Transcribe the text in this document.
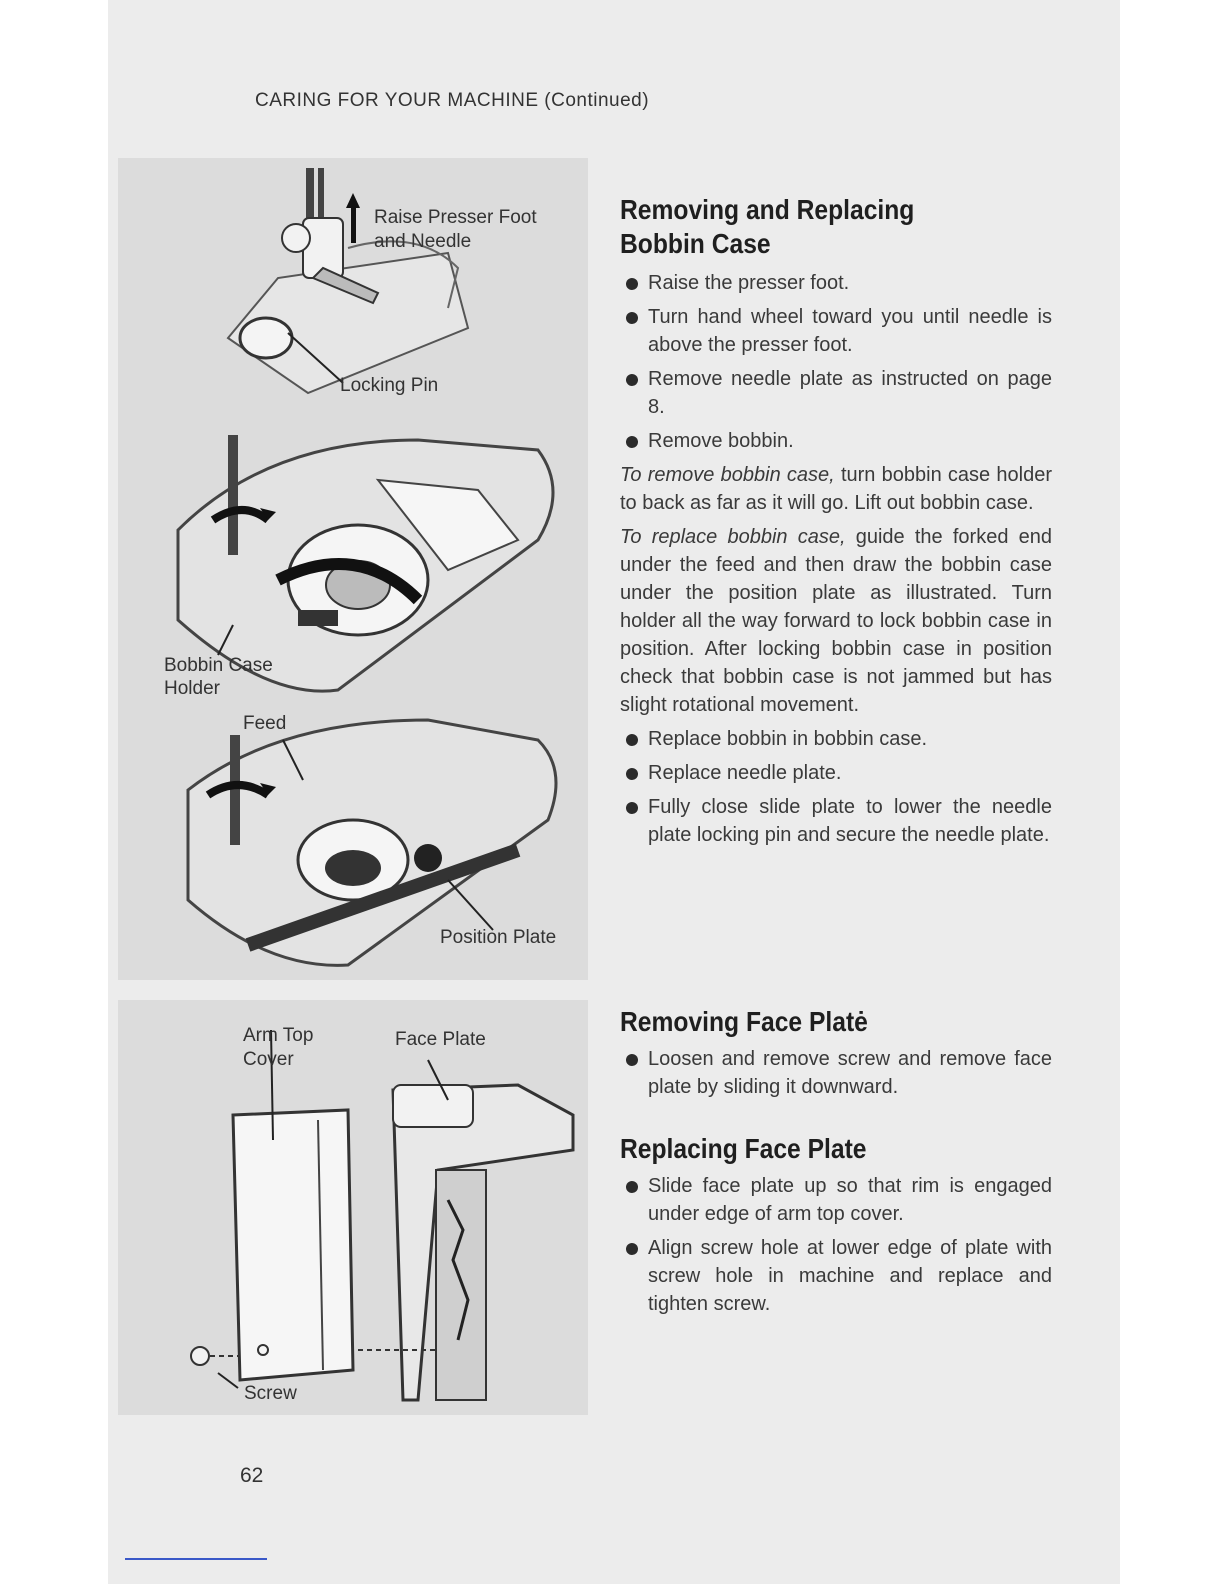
CARING FOR YOUR MACHINE (Continued)
Raise Presser Foot
and Needle
Locking Pin
Bobbin Case
Holder
Feed
Position Plate
Arm Top
Cover
Face Plate
Screw
Removing and Replacing
Bobbin Case
Raise the presser foot.
Turn hand wheel toward you until needle is above the presser foot.
Remove needle plate as instructed on page 8.
Remove bobbin.

To remove bobbin case, turn bobbin case holder to back as far as it will go. Lift out bobbin case.

To replace bobbin case, guide the forked end under the feed and then draw the bobbin case under the position plate as illustrated. Turn holder all the way forward to lock bobbin case in position. After locking bobbin case in position check that bobbin case is not jammed but has slight rotational movement.

Replace bobbin in bobbin case.
Replace needle plate.
Fully close slide plate to lower the needle plate locking pin and secure the needle plate.
Removing Face Platė
Loosen and remove screw and remove face plate by sliding it downward.
Replacing Face Plate
Slide face plate up so that rim is engaged under edge of arm top cover.
Align screw hole at lower edge of plate with screw hole in machine and replace and tighten screw.
62
